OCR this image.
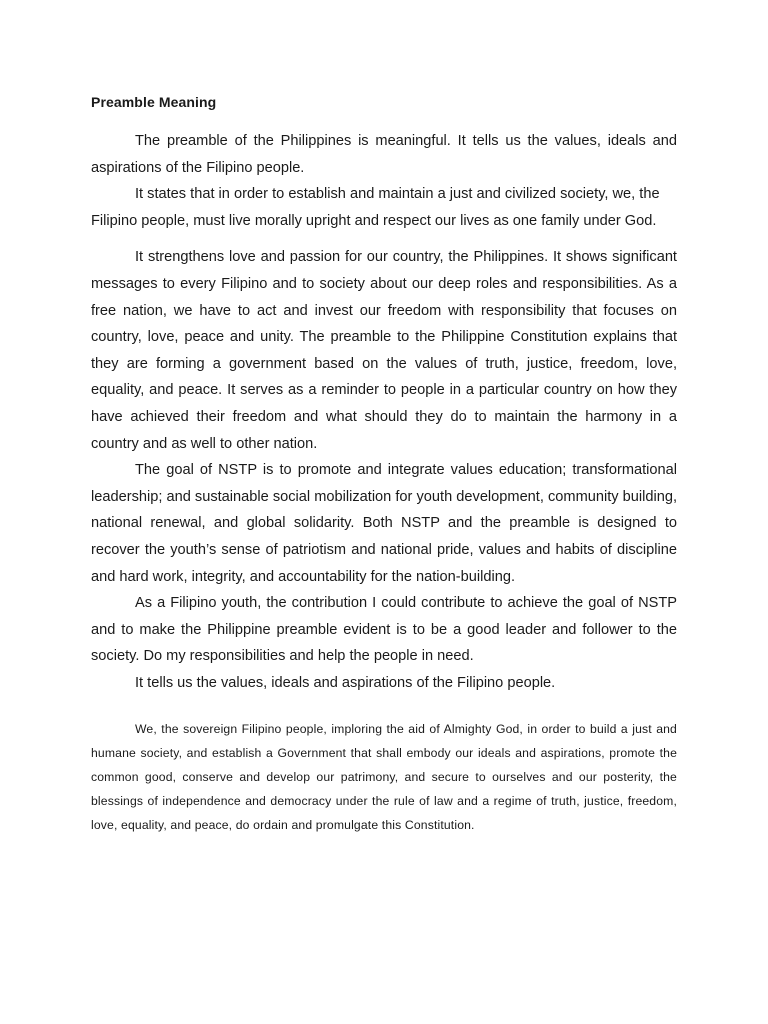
Preamble Meaning

The preamble of the Philippines is meaningful. It tells us the values, ideals and aspirations of the Filipino people.

It states that in order to establish and maintain a just and civilized society, we, the Filipino people, must live morally upright and respect our lives as one family under God.

It strengthens love and passion for our country, the Philippines. It shows significant messages to every Filipino and to society about our deep roles and responsibilities. As a free nation, we have to act and invest our freedom with responsibility that focuses on country, love, peace and unity. The preamble to the Philippine Constitution explains that they are forming a government based on the values of truth, justice, freedom, love, equality, and peace. It serves as a reminder to people in a particular country on how they have achieved their freedom and what should they do to maintain the harmony in a country and as well to other nation.

The goal of NSTP is to promote and integrate values education; transformational leadership; and sustainable social mobilization for youth development, community building, national renewal, and global solidarity. Both NSTP and the preamble is designed to recover the youth’s sense of patriotism and national pride, values and habits of discipline and hard work, integrity, and accountability for the nation-building.

As a Filipino youth, the contribution I could contribute to achieve the goal of NSTP and to make the Philippine preamble evident is to be a good leader and follower to the society. Do my responsibilities and help the people in need.

It tells us the values, ideals and aspirations of the Filipino people.

We, the sovereign Filipino people, imploring the aid of Almighty God, in order to build a just and humane society, and establish a Government that shall embody our ideals and aspirations, promote the common good, conserve and develop our patrimony, and secure to ourselves and our posterity, the blessings of independence and democracy under the rule of law and a regime of truth, justice, freedom, love, equality, and peace, do ordain and promulgate this Constitution.
